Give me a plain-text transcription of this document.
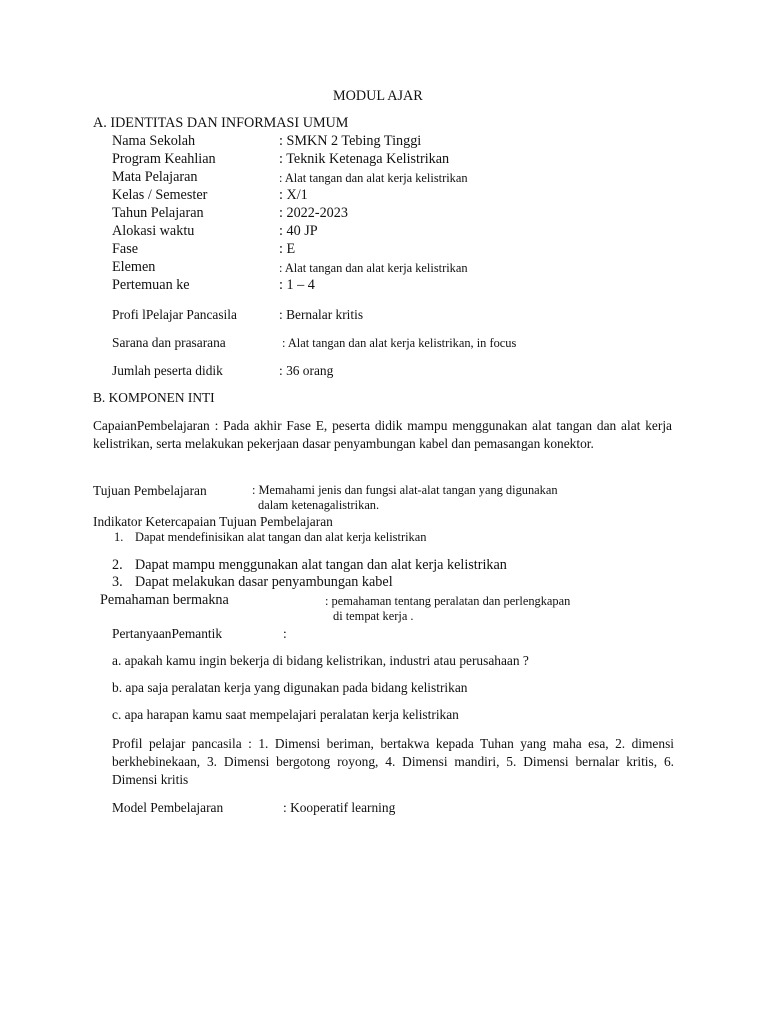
MODUL AJAR
A. IDENTITAS DAN INFORMASI UMUM
Nama Sekolah	: SMKN 2 Tebing Tinggi
Program Keahlian	: Teknik Ketenaga Kelistrikan
Mata Pelajaran	: Alat tangan dan alat kerja kelistrikan
Kelas / Semester	: X/1
Tahun Pelajaran	: 2022-2023
Alokasi waktu	: 40 JP
Fase	: E
Elemen	: Alat tangan dan alat kerja kelistrikan
Pertemuan ke	: 1 – 4
Profi lPelajar Pancasila	: Bernalar kritis
Sarana dan prasarana	: Alat tangan dan alat kerja kelistrikan, in focus
Jumlah peserta didik	: 36 orang
B. KOMPONEN INTI
CapaianPembelajaran : Pada akhir Fase E, peserta didik mampu menggunakan alat tangan dan alat kerja kelistrikan, serta melakukan pekerjaan dasar penyambungan kabel dan pemasangan konektor.
Tujuan Pembelajaran	: Memahami jenis dan fungsi alat-alat tangan yang digunakan
dalam ketenagalistrikan.
Indikator Ketercapaian Tujuan Pembelajaran
1. Dapat mendefinisikan alat tangan dan alat kerja kelistrikan
2. Dapat mampu menggunakan alat tangan dan alat kerja kelistrikan
3. Dapat melakukan dasar penyambungan kabel
Pemahaman bermakna	: pemahaman tentang peralatan dan perlengkapan
di tempat kerja .
PertanyaanPemantik	:
a. apakah kamu ingin bekerja di bidang kelistrikan, industri atau perusahaan ?
b. apa saja peralatan kerja yang digunakan pada bidang kelistrikan
c. apa harapan kamu saat mempelajari peralatan kerja kelistrikan
Profil pelajar pancasila : 1. Dimensi beriman, bertakwa kepada Tuhan yang maha esa, 2. dimensi berkhebinekaan, 3. Dimensi bergotong royong, 4. Dimensi mandiri, 5. Dimensi bernalar kritis, 6. Dimensi kritis
Model Pembelajaran	: Kooperatif learning
